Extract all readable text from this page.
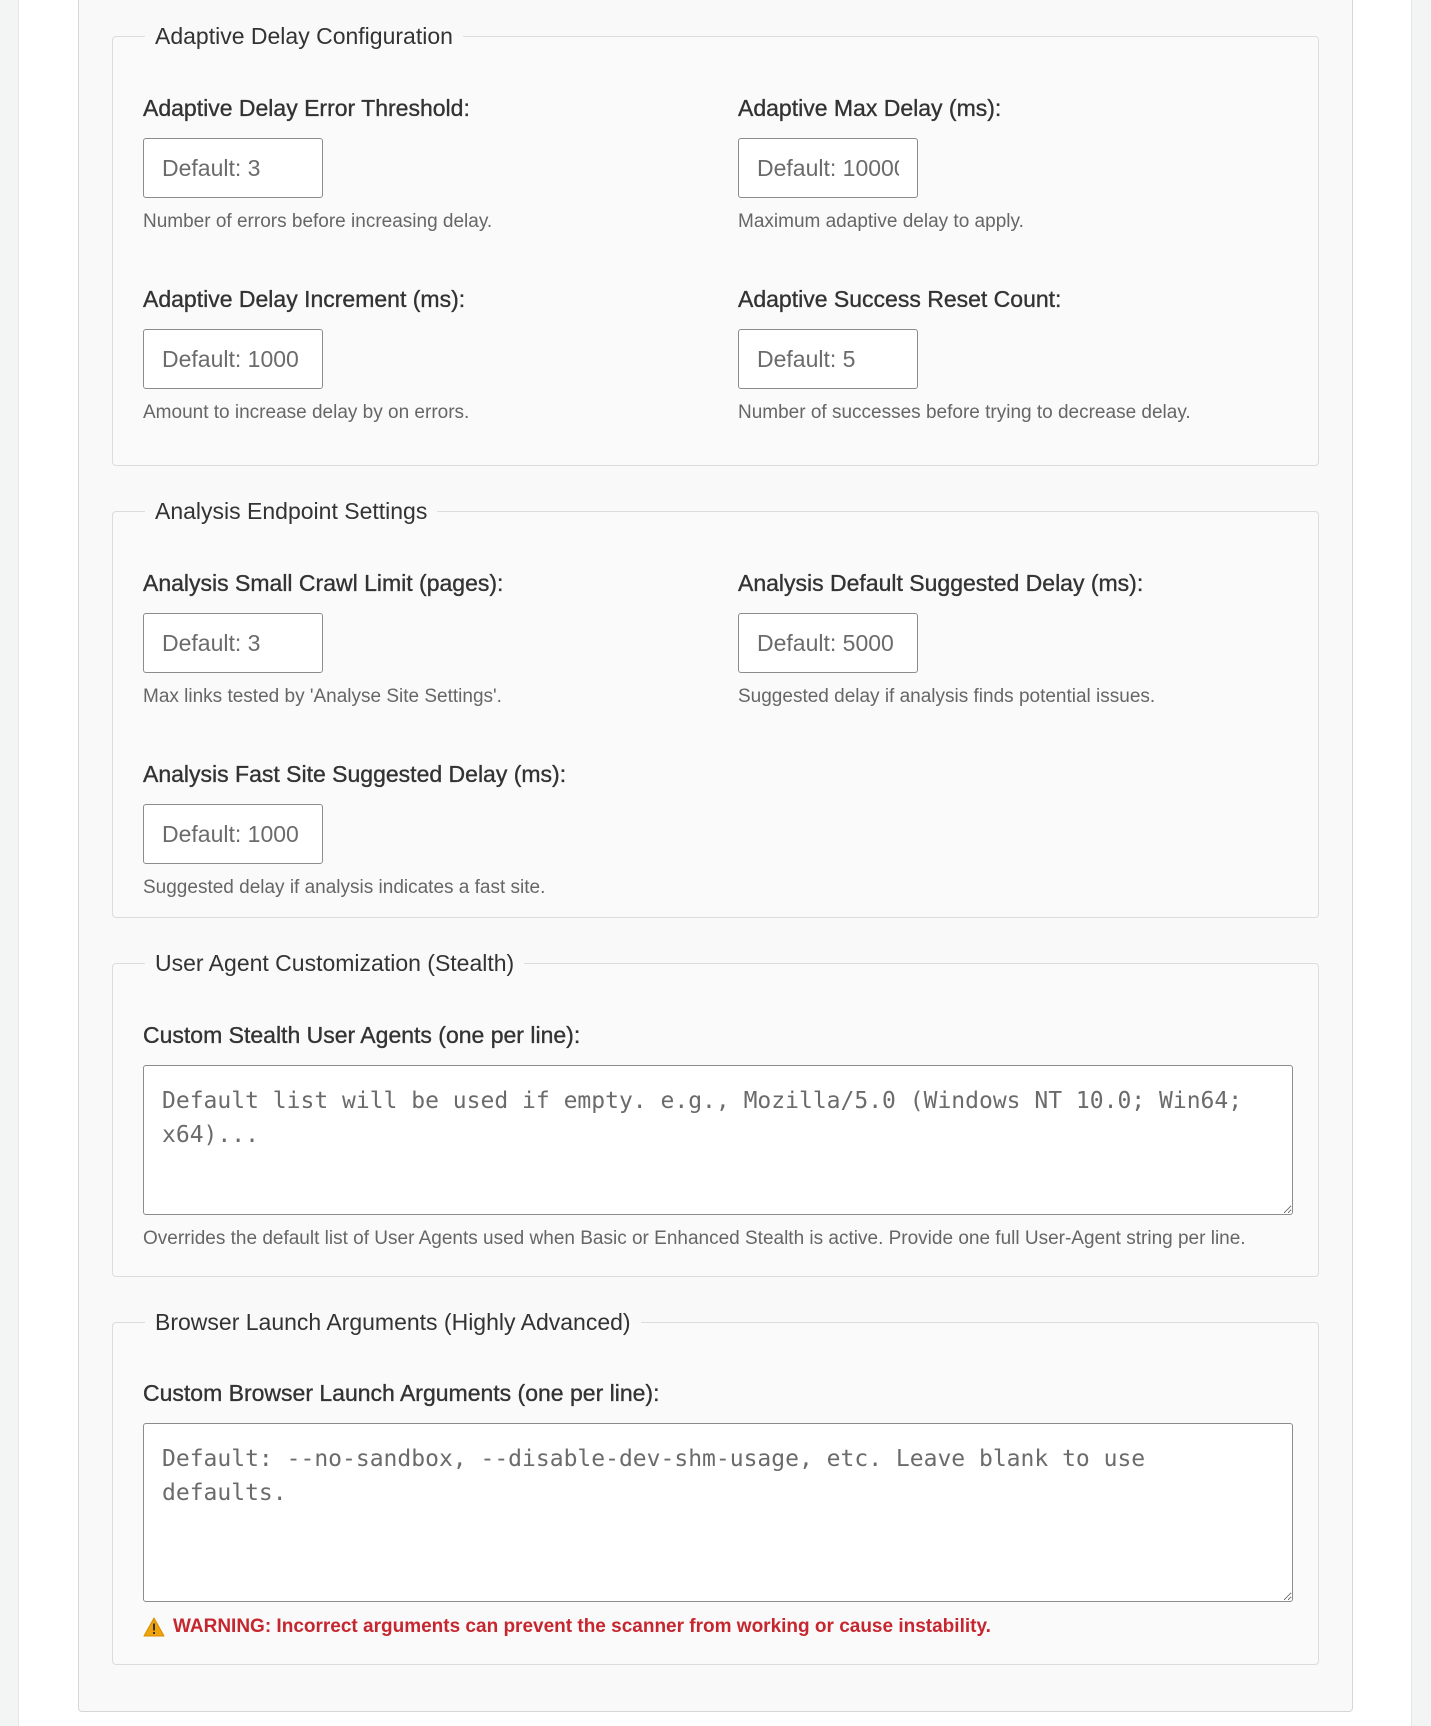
Adaptive Delay Configuration
Adaptive Delay Error Threshold:
Default: 3
Number of errors before increasing delay.
Adaptive Max Delay (ms):
Default: 10000
Maximum adaptive delay to apply.
Adaptive Delay Increment (ms):
Default: 1000
Amount to increase delay by on errors.
Adaptive Success Reset Count:
Default: 5
Number of successes before trying to decrease delay.
Analysis Endpoint Settings
Analysis Small Crawl Limit (pages):
Default: 3
Max links tested by 'Analyse Site Settings'.
Analysis Default Suggested Delay (ms):
Default: 5000
Suggested delay if analysis finds potential issues.
Analysis Fast Site Suggested Delay (ms):
Default: 1000
Suggested delay if analysis indicates a fast site.
User Agent Customization (Stealth)
Custom Stealth User Agents (one per line):
Default list will be used if empty. e.g., Mozilla/5.0 (Windows NT 10.0; Win64; x64)...
Overrides the default list of User Agents used when Basic or Enhanced Stealth is active. Provide one full User-Agent string per line.
Browser Launch Arguments (Highly Advanced)
Custom Browser Launch Arguments (one per line):
Default: --no-sandbox, --disable-dev-shm-usage, etc. Leave blank to use defaults.
WARNING: Incorrect arguments can prevent the scanner from working or cause instability.
